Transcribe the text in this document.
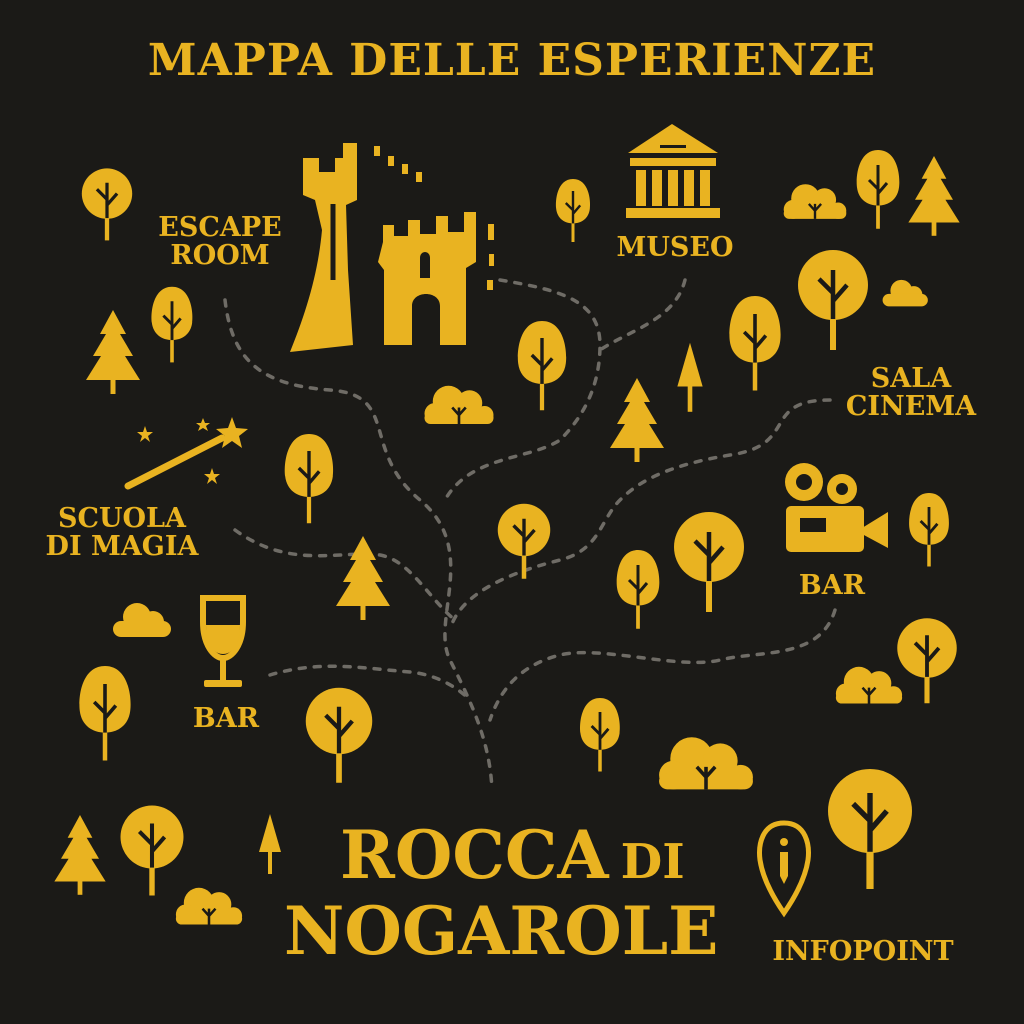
MAPPA DELLE ESPERIENZE
ESCAPE
ROOM	MUSEO
SALA
CINEMA
SCUOLA
DI MAGIA
BAR
BAR
INFOPOINT
ROCCA DI
NOGAROLE
